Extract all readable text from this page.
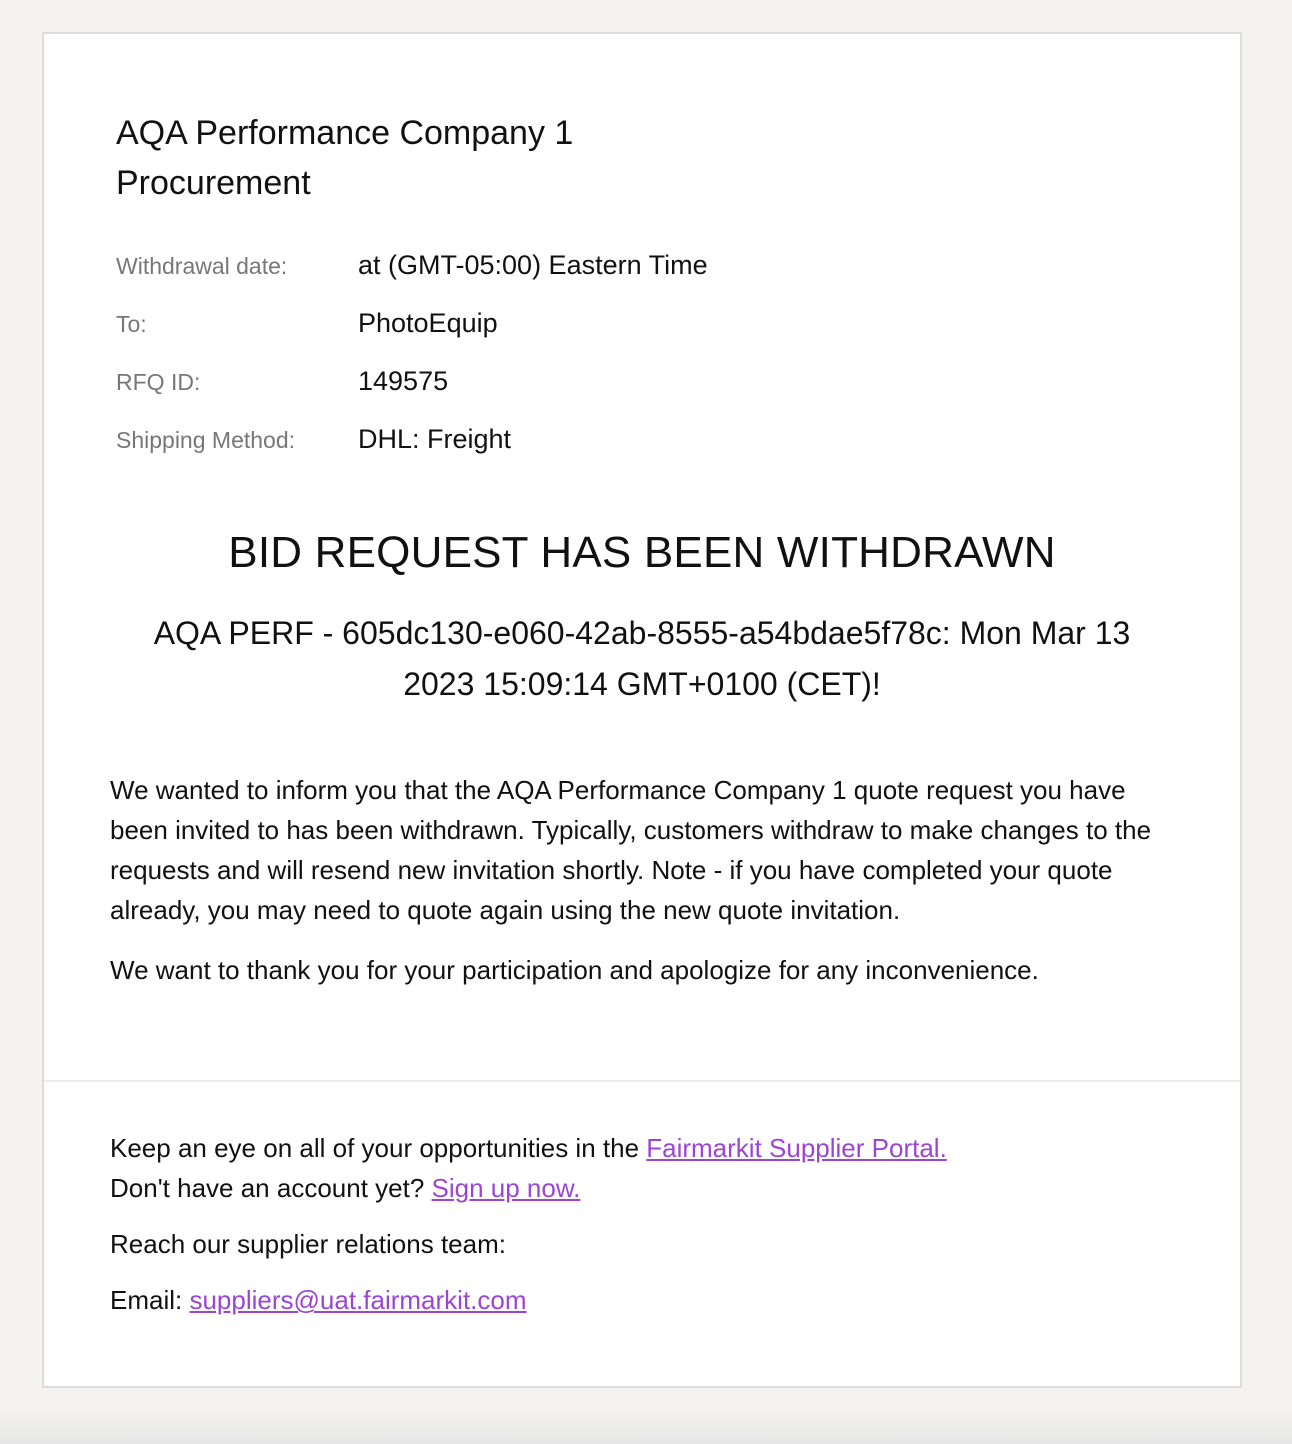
AQA Performance Company 1
Procurement
Withdrawal date:	at (GMT-05:00) Eastern Time
To:	PhotoEquip
RFQ ID:	149575
Shipping Method:	DHL: Freight
BID REQUEST HAS BEEN WITHDRAWN
AQA PERF - 605dc130-e060-42ab-8555-a54bdae5f78c: Mon Mar 13 2023 15:09:14 GMT+0100 (CET)!

We wanted to inform you that the AQA Performance Company 1 quote request you have been invited to has been withdrawn. Typically, customers withdraw to make changes to the requests and will resend new invitation shortly. Note - if you have completed your quote already, you may need to quote again using the new quote invitation.

We want to thank you for your participation and apologize for any inconvenience.

Keep an eye on all of your opportunities in the Fairmarkit Supplier Portal.
Don't have an account yet? Sign up now.
Reach our supplier relations team:
Email: suppliers@uat.fairmarkit.com
